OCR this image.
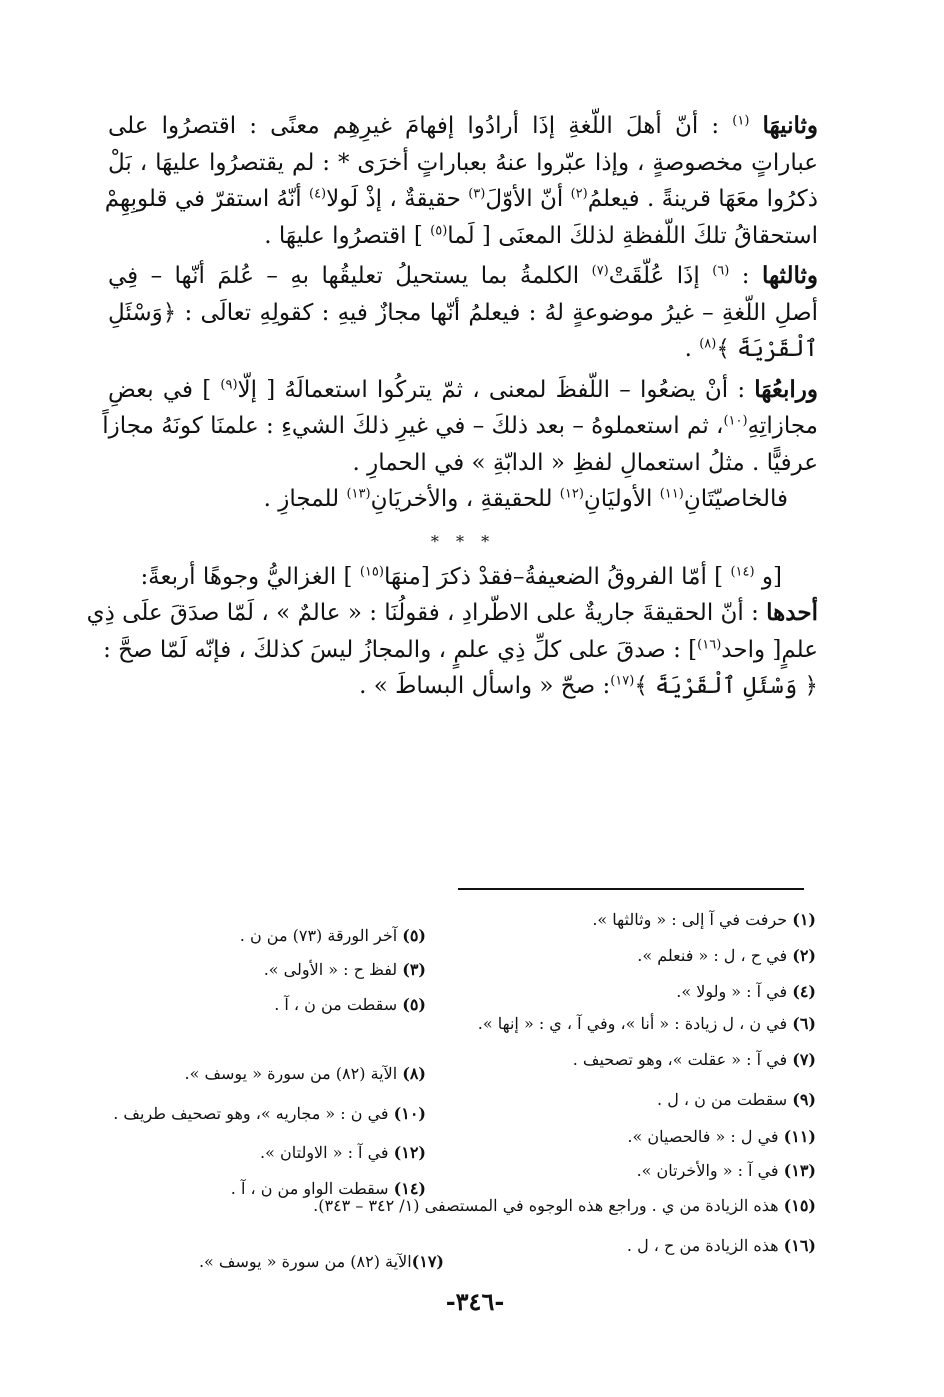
وثانيهَا $^{(١)}$ : أنّ أهلَ اللّغةِ إذَا أرادُوا إفهامَ غيرِهِم معنًى : اقتصرُوا على

عباراتٍ مخصوصةٍ ، وإذا عبّروا عنهُ بعباراتٍ أخرَى * : لم يقتصرُوا عليهَا ، بَلْ

ذكرُوا معَهَا قرينةً . فيعلمُ$^{(٢)}$ أنّ الأوّلَ$^{(٣)}$ حقيقةٌ ، إذْ لَولا$^{(٤)}$ أنّهُ استقرّ في قلوبِهِمْ

استحقاقُ تلكَ اللّفظةِ لذلكَ المعنَى [ لَما$^{(٥)}$ ] اقتصرُوا عليهَا .

وثالثها : $^{(٦)}$ إذَا عُلّقَتْ$^{(٧)}$ الكلمةُ بما يستحيلُ تعليقُها بهِ – عُلمَ أنّها – فِي

أصلِ اللّغةِ – غيرُ موضوعةٍ لهُ : فيعلمُ أنّها مجازٌ فيهِ : كقولِهِ تعالَى : ﴿وَسْئَلِ

ٱلْقَرْيَةَ ﴾$^{(٨)}$ .

ورابعُهَا : أنْ يضعُوا – اللّفظَ لمعنى ، ثمّ يتركُوا استعمالَهُ [ إلّا$^{(٩)}$ ] في بعضِ

مجازاتِهِ$^{(١٠)}$، ثم استعملوهُ – بعد ذلكَ – في غيرِ ذلكَ الشيءِ : علمنَا كونَهُ مجازاً

عرفيًّا . مثلُ استعمالِ لفظِ « الدابّةِ » في الحمارِ .

فالخاصيّتَانِ$^{(١١)}$ الأوليَانِ$^{(١٢)}$ للحقيقةِ ، والأخريَانِ$^{(١٣)}$ للمجازِ .

* * *

[و $^{(١٤)}$ ] أمّا الفروقُ الضعيفةُ–فقدْ ذكرَ [منهَا$^{(١٥)}$ ] الغزاليُّ وجوهًا أربعةً:

أحدها : أنّ الحقيقةَ جاريةٌ على الاطّرادِ ، فقولُنَا : « عالمٌ » ، لَمّا صدَقَ علَى ذِي

علمٍ[ واحد$^{(١٦)}$] : صدقَ على كلِّ ذِي علمٍ ، والمجازُ ليسَ كذلكَ ، فإنّه لَمّا صحَّ :

﴿ وَسْئَلِ ٱلْقَرْيَةَ ﴾$^{(١٧)}$: صحّ « واسأل البساطَ » .

(١) حرفت في آ إلى : « وثالثها ».
(٢) في ح ، ل : « فنعلم ».
(٤) في آ : « ولولا ».
(٦) في ن ، ل زيادة : « أنا »، وفي آ ، ي : « إنها ».
(٧) في آ : « عقلت »، وهو تصحيف .
(٩) سقطت من ن ، ل .
(١١) في ل : « فالحصيان ».
(١٣) في آ : « والأخرتان ».
(١٥) هذه الزيادة من ي . وراجع هذه الوجوه في المستصفى (١/ ٣٤٢ – ٣٤٣).
(١٦) هذه الزيادة من ح ، ل .
(٥) آخر الورقة (٧٣) من ن .
(٣) لفظ ح : « الأولى ».
(٥) سقطت من ن ، آ .
(٨) الآية (٨٢) من سورة « يوسف ».
(١٠) في ن : « مجاريه »، وهو تصحيف طريف .
(١٢) في آ : « الاولتان ».
(١٤) سقطت الواو من ن ، آ .
(١٧)الآية (٨٢) من سورة « يوسف ».
-٣٤٦-
